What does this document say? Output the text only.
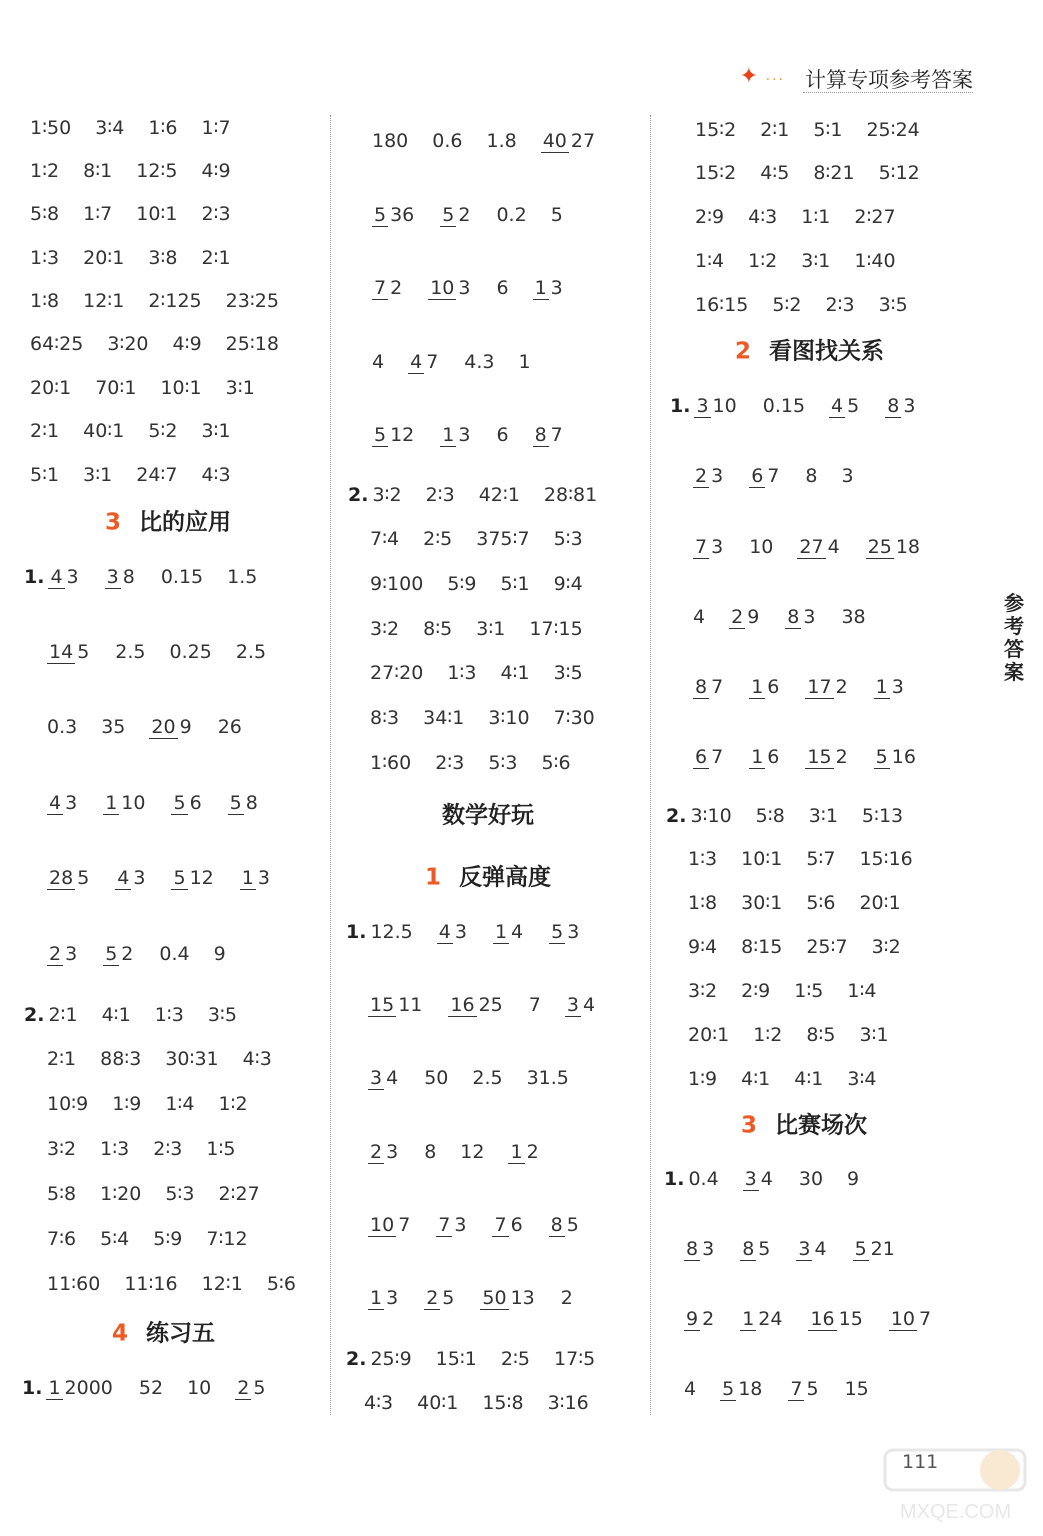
✦ ··· 计算专项参考答案
1∶50 3∶4 1∶6 1∶7
1∶2 8∶1 12∶5 4∶9
5∶8 1∶7 10∶1 2∶3
1∶3 20∶1 3∶8 2∶1
1∶8 12∶1 2∶125 23∶25
64∶25 3∶20 4∶9 25∶18
20∶1 70∶1 10∶1 3∶1
2∶1 40∶1 5∶2 3∶1
5∶1 3∶1 24∶7 4∶3
3 比的应用
1. 4 3 3 8 0.15 1.5
14 5 2.5 0.25 2.5
0.3 35 20 9 26
4 3 1 10 5 6 5 8
28 5 4 3 5 12 1 3
2 3 5 2 0.4 9
2. 2∶1 4∶1 1∶3 3∶5
2∶1 88∶3 30∶31 4∶3
10∶9 1∶9 1∶4 1∶2
3∶2 1∶3 2∶3 1∶5
5∶8 1∶20 5∶3 2∶27
7∶6 5∶4 5∶9 7∶12
11∶60 11∶16 12∶1 5∶6
4 练习五
1. 1 2000 52 10 2 5
180 0.6 1.8 40 27
5 36 5 2 0.2 5
7 2 10 3 6 1 3
4 4 7 4.3 1
5 12 1 3 6 8 7
2. 3∶2 2∶3 42∶1 28∶81
7∶4 2∶5 375∶7 5∶3
9∶100 5∶9 5∶1 9∶4
3∶2 8∶5 3∶1 17∶15
27∶20 1∶3 4∶1 3∶5
8∶3 34∶1 3∶10 7∶30
1∶60 2∶3 5∶3 5∶6
数学好玩
1 反弹高度
1. 12.5 4 3 1 4 5 3
15 11 16 25 7 3 4
3 4 50 2.5 31.5
2 3 8 12 1 2
10 7 7 3 7 6 8 5
1 3 2 5 50 13 2
2. 25∶9 15∶1 2∶5 17∶5
4∶3 40∶1 15∶8 3∶16
15∶2 2∶1 5∶1 25∶24
15∶2 4∶5 8∶21 5∶12
2∶9 4∶3 1∶1 2∶27
1∶4 1∶2 3∶1 1∶40
16∶15 5∶2 2∶3 3∶5
2 看图找关系
1. 3 10 0.15 4 5 8 3
2 3 6 7 8 3
7 3 10 27 4 25 18
4 2 9 8 3 38
8 7 1 6 17 2 1 3
6 7 1 6 15 2 5 16
2. 3∶10 5∶8 3∶1 5∶13
1∶3 10∶1 5∶7 15∶16
1∶8 30∶1 5∶6 20∶1
9∶4 8∶15 25∶7 3∶2
3∶2 2∶9 1∶5 1∶4
20∶1 1∶2 8∶5 3∶1
1∶9 4∶1 4∶1 3∶4
3 比赛场次
1. 0.4 3 4 30 9
8 3 8 5 3 4 5 21
9 2 1 24 16 15 10 7
4 5 18 7 5 15
参考答案
111
MXQE.COM
